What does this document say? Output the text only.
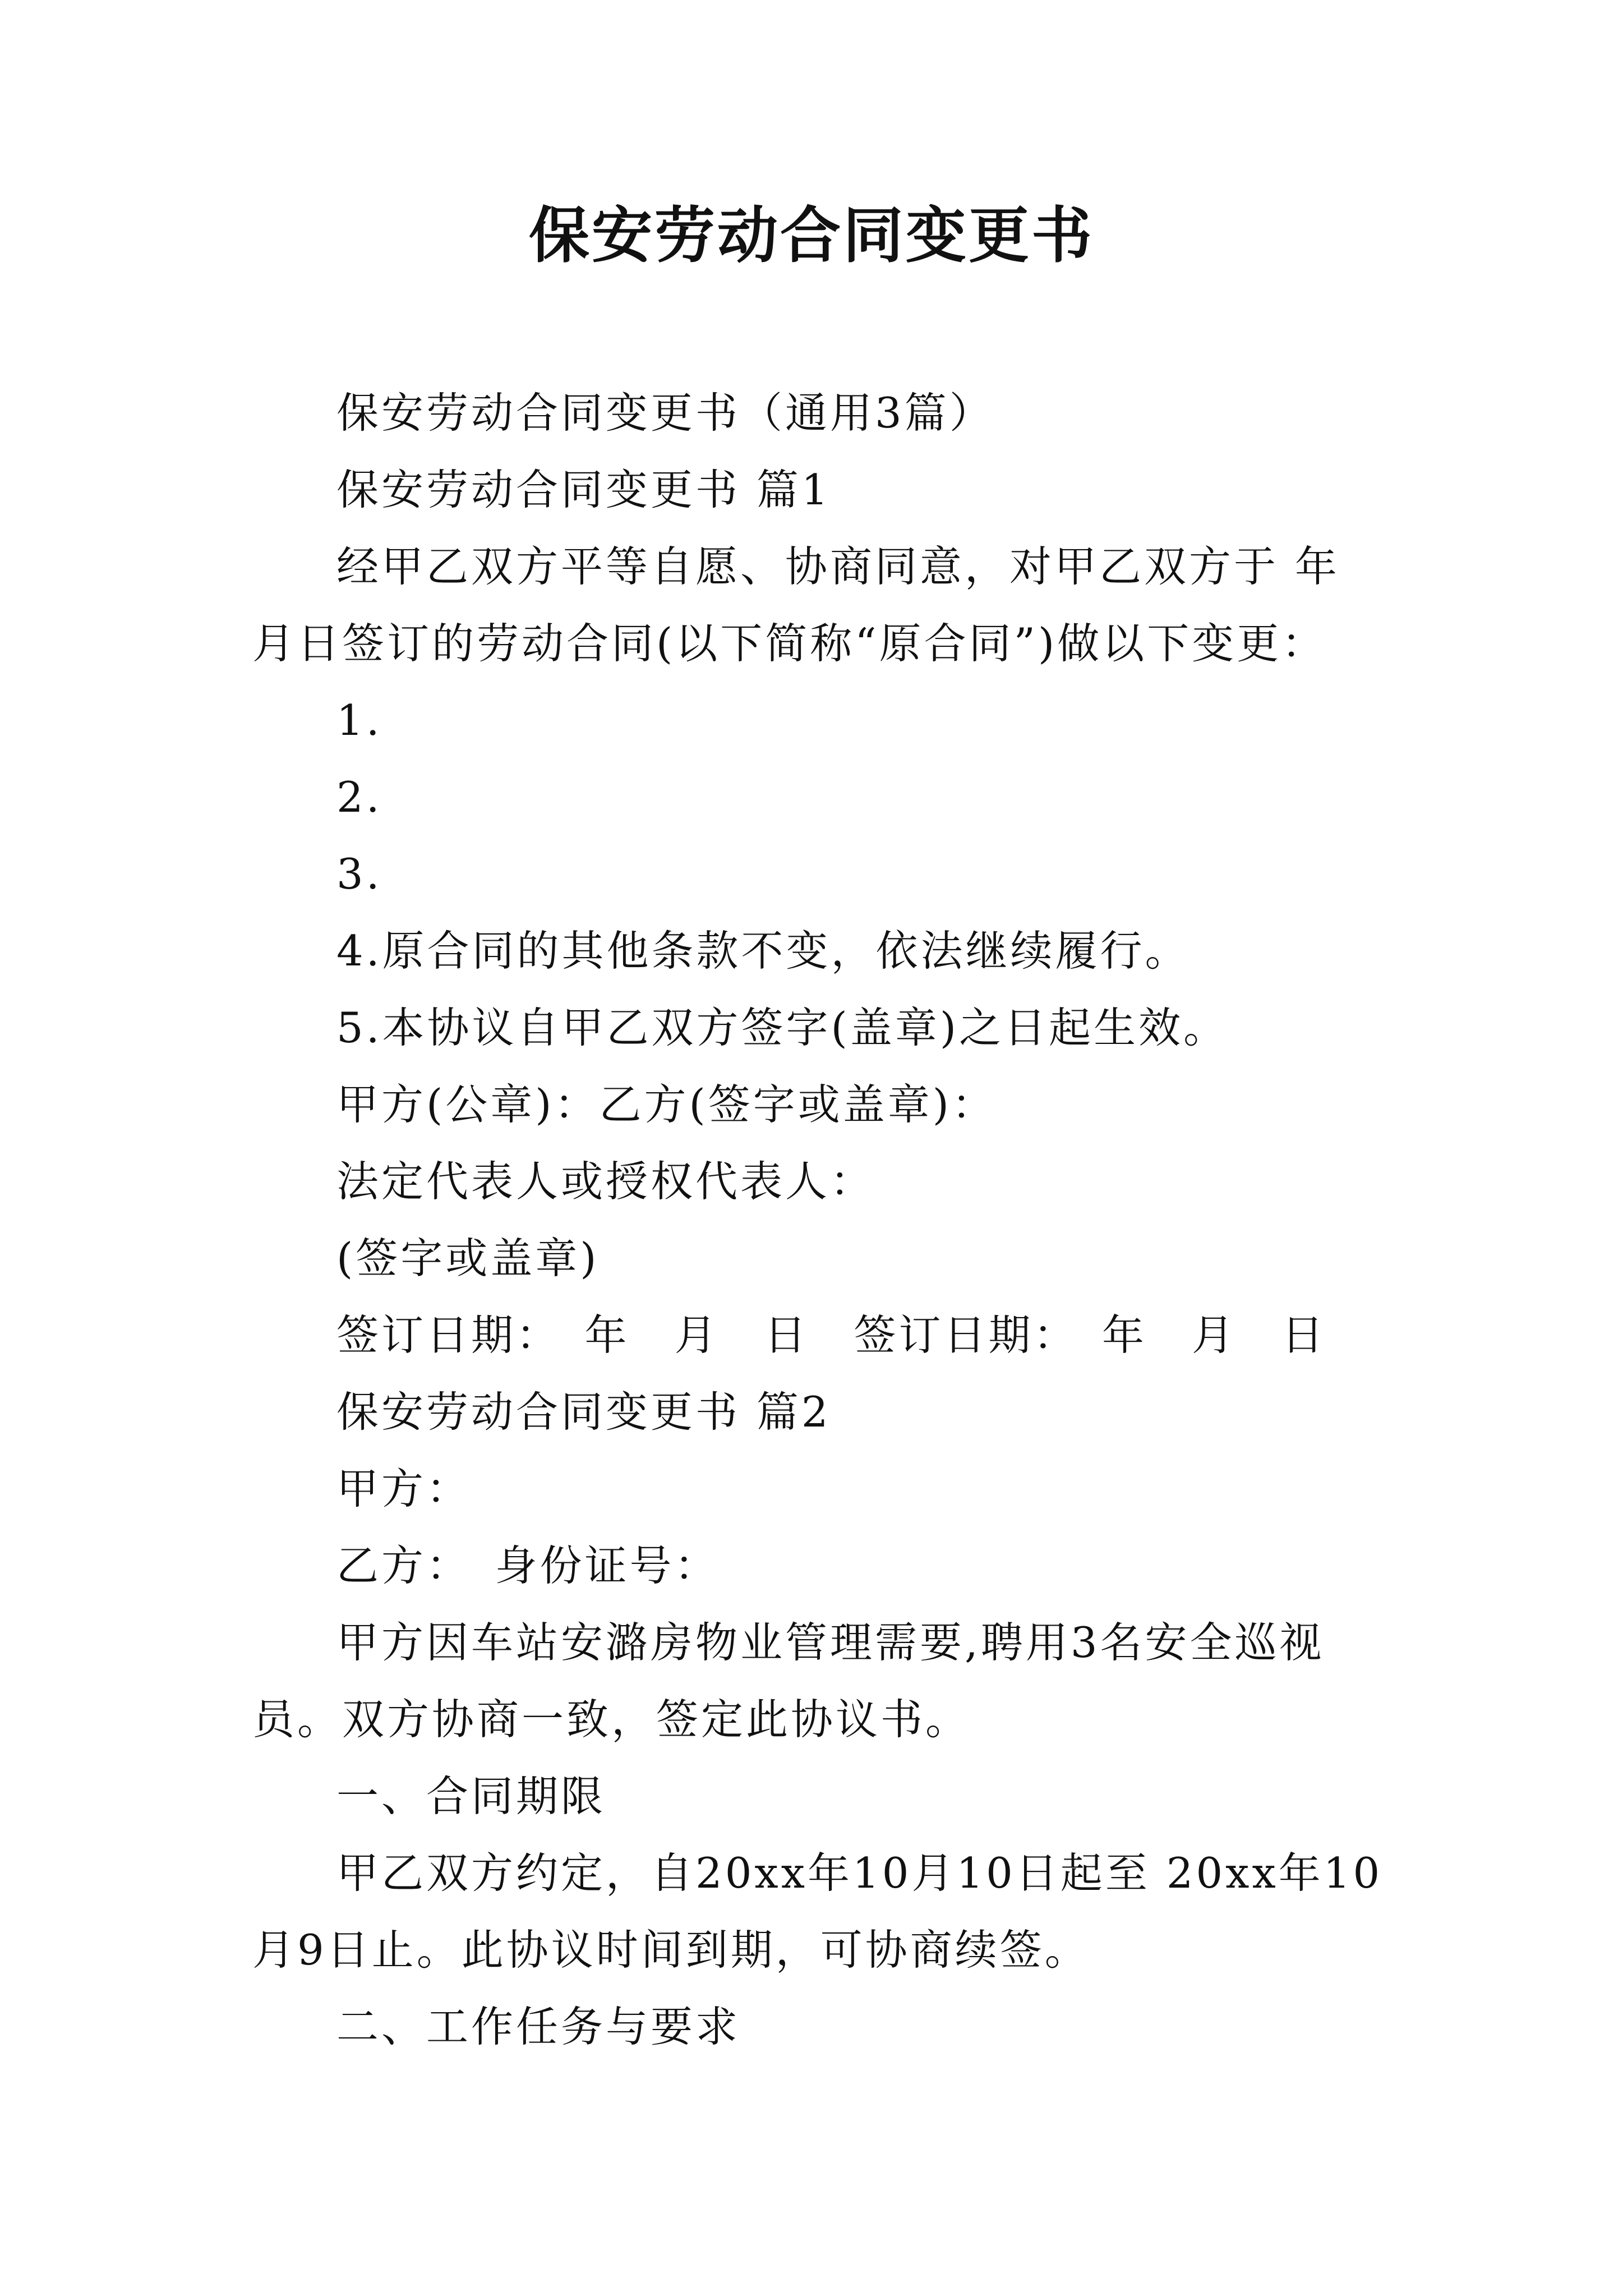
保安劳动合同变更书

保安劳动合同变更书（通用3篇）

保安劳动合同变更书 篇1

经甲乙双方平等自愿、协商同意，对甲乙双方于 年 月日签订的劳动合同(以下简称“原合同”)做以下变更：

1.

2.

3.

4.原合同的其他条款不变，依法继续履行。

5.本协议自甲乙双方签字(盖章)之日起生效。

甲方(公章)：乙方(签字或盖章)：

法定代表人或授权代表人：

(签字或盖章)

签订日期：　年　月　日　签订日期：　年　月　日

保安劳动合同变更书 篇2

甲方：

乙方：　身份证号：

甲方因车站安潞房物业管理需要,聘用3名安全巡视员。双方协商一致，签定此协议书。

一、合同期限

甲乙双方约定，自20xx年10月10日起至 20xx年10月9日止。此协议时间到期，可协商续签。

二、工作任务与要求
